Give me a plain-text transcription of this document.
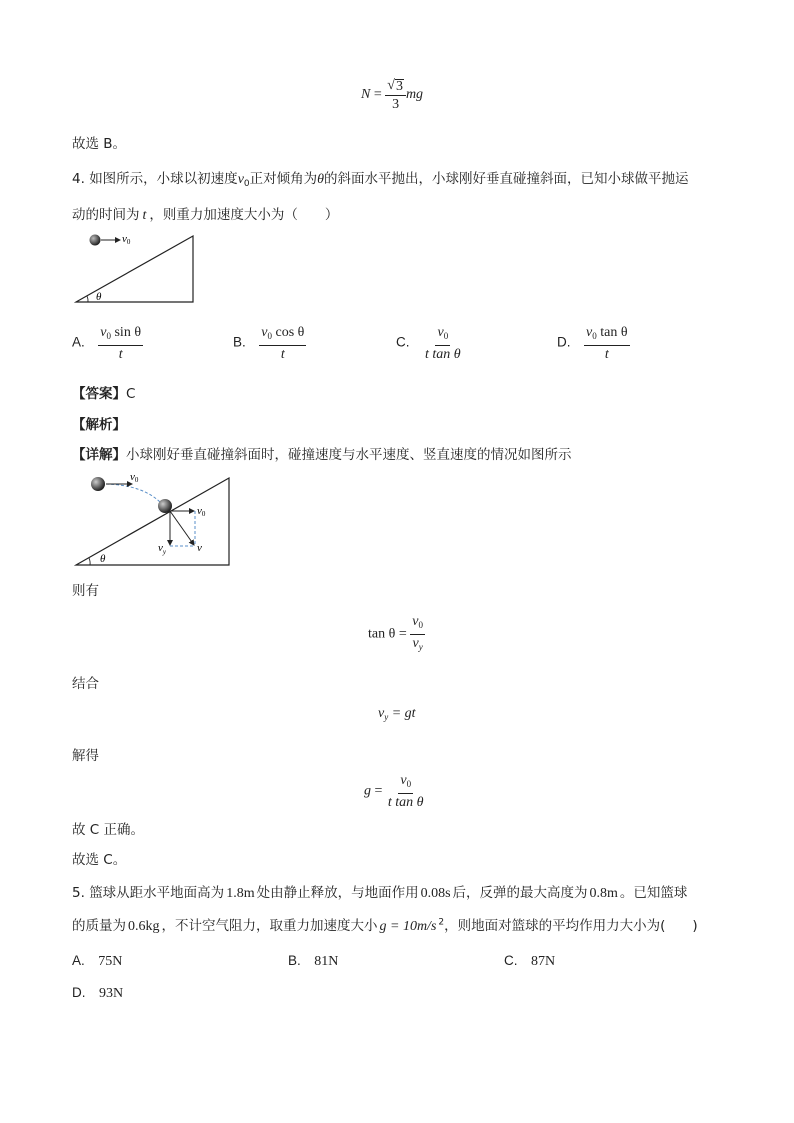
$N = \frac{√ 3}{3}$ mg
故选 B。
4. 如图所示，小球以初速度$v_0$正对倾角为θ的斜面水平抛出，小球刚好垂直碰撞斜面，已知小球做平抛运
动的时间为 t ，则重力加速度大小为（　　）
v0
θ
A. $\frac{v_0 \sin \theta}{t}$	B. $\frac{v_0 \cos \theta}{t}$	C. $\frac{v_0}{\text{t tan θ}}$	D. $\frac{v_0 \tan \theta}{t}$
【答案】C
【解析】
【详解】小球刚好垂直碰撞斜面时，碰撞速度与水平速度、竖直速度的情况如图所示
v0
v0
$v_y$	v
θ
则有
$\tan \theta = \frac{v_0}{v_y}$
结合
$v_y$ = gt
解得
$g = \frac{v_0}{\text{t tan θ}}$
故 C 正确。
故选 C。
5. 篮球从距水平地面高为 1.8m 处由静止释放，与地面作用 0.08s 后，反弹的最大高度为 0.8m 。已知篮球
的质量为 0.6kg ，不计空气阻力，取重力加速度大小 g = 10m/s $^2$，则地面对篮球的平均作用力大小为(　　)
A. 75N	B. 81N	C. 87N
D. 93N
